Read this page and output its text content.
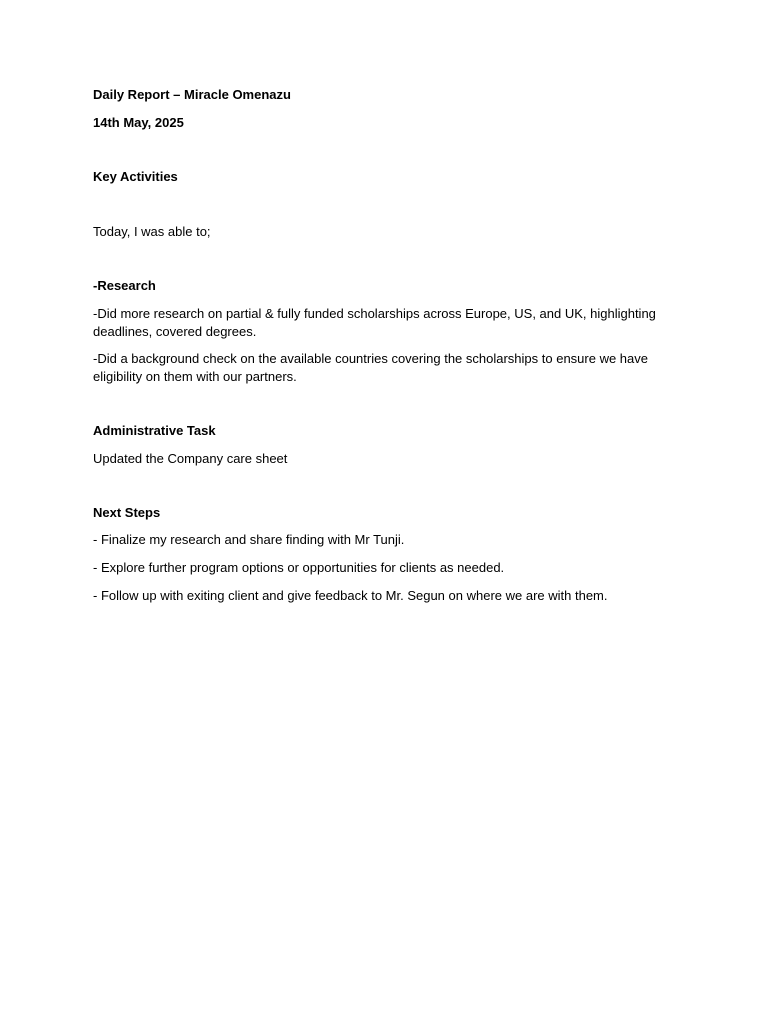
Daily Report – Miracle Omenazu
14th May, 2025
Key Activities
Today, I was able to;
-Research
-Did more research on partial & fully funded scholarships across Europe, US, and UK, highlighting deadlines, covered degrees.
-Did a background check on the available countries covering the scholarships to ensure we have eligibility on them with our partners.
Administrative Task
Updated the Company care sheet
Next Steps
- Finalize my research and share finding with Mr Tunji.
- Explore further program options or opportunities for clients as needed.
- Follow up with exiting client and give feedback to Mr. Segun on where we are with them.
